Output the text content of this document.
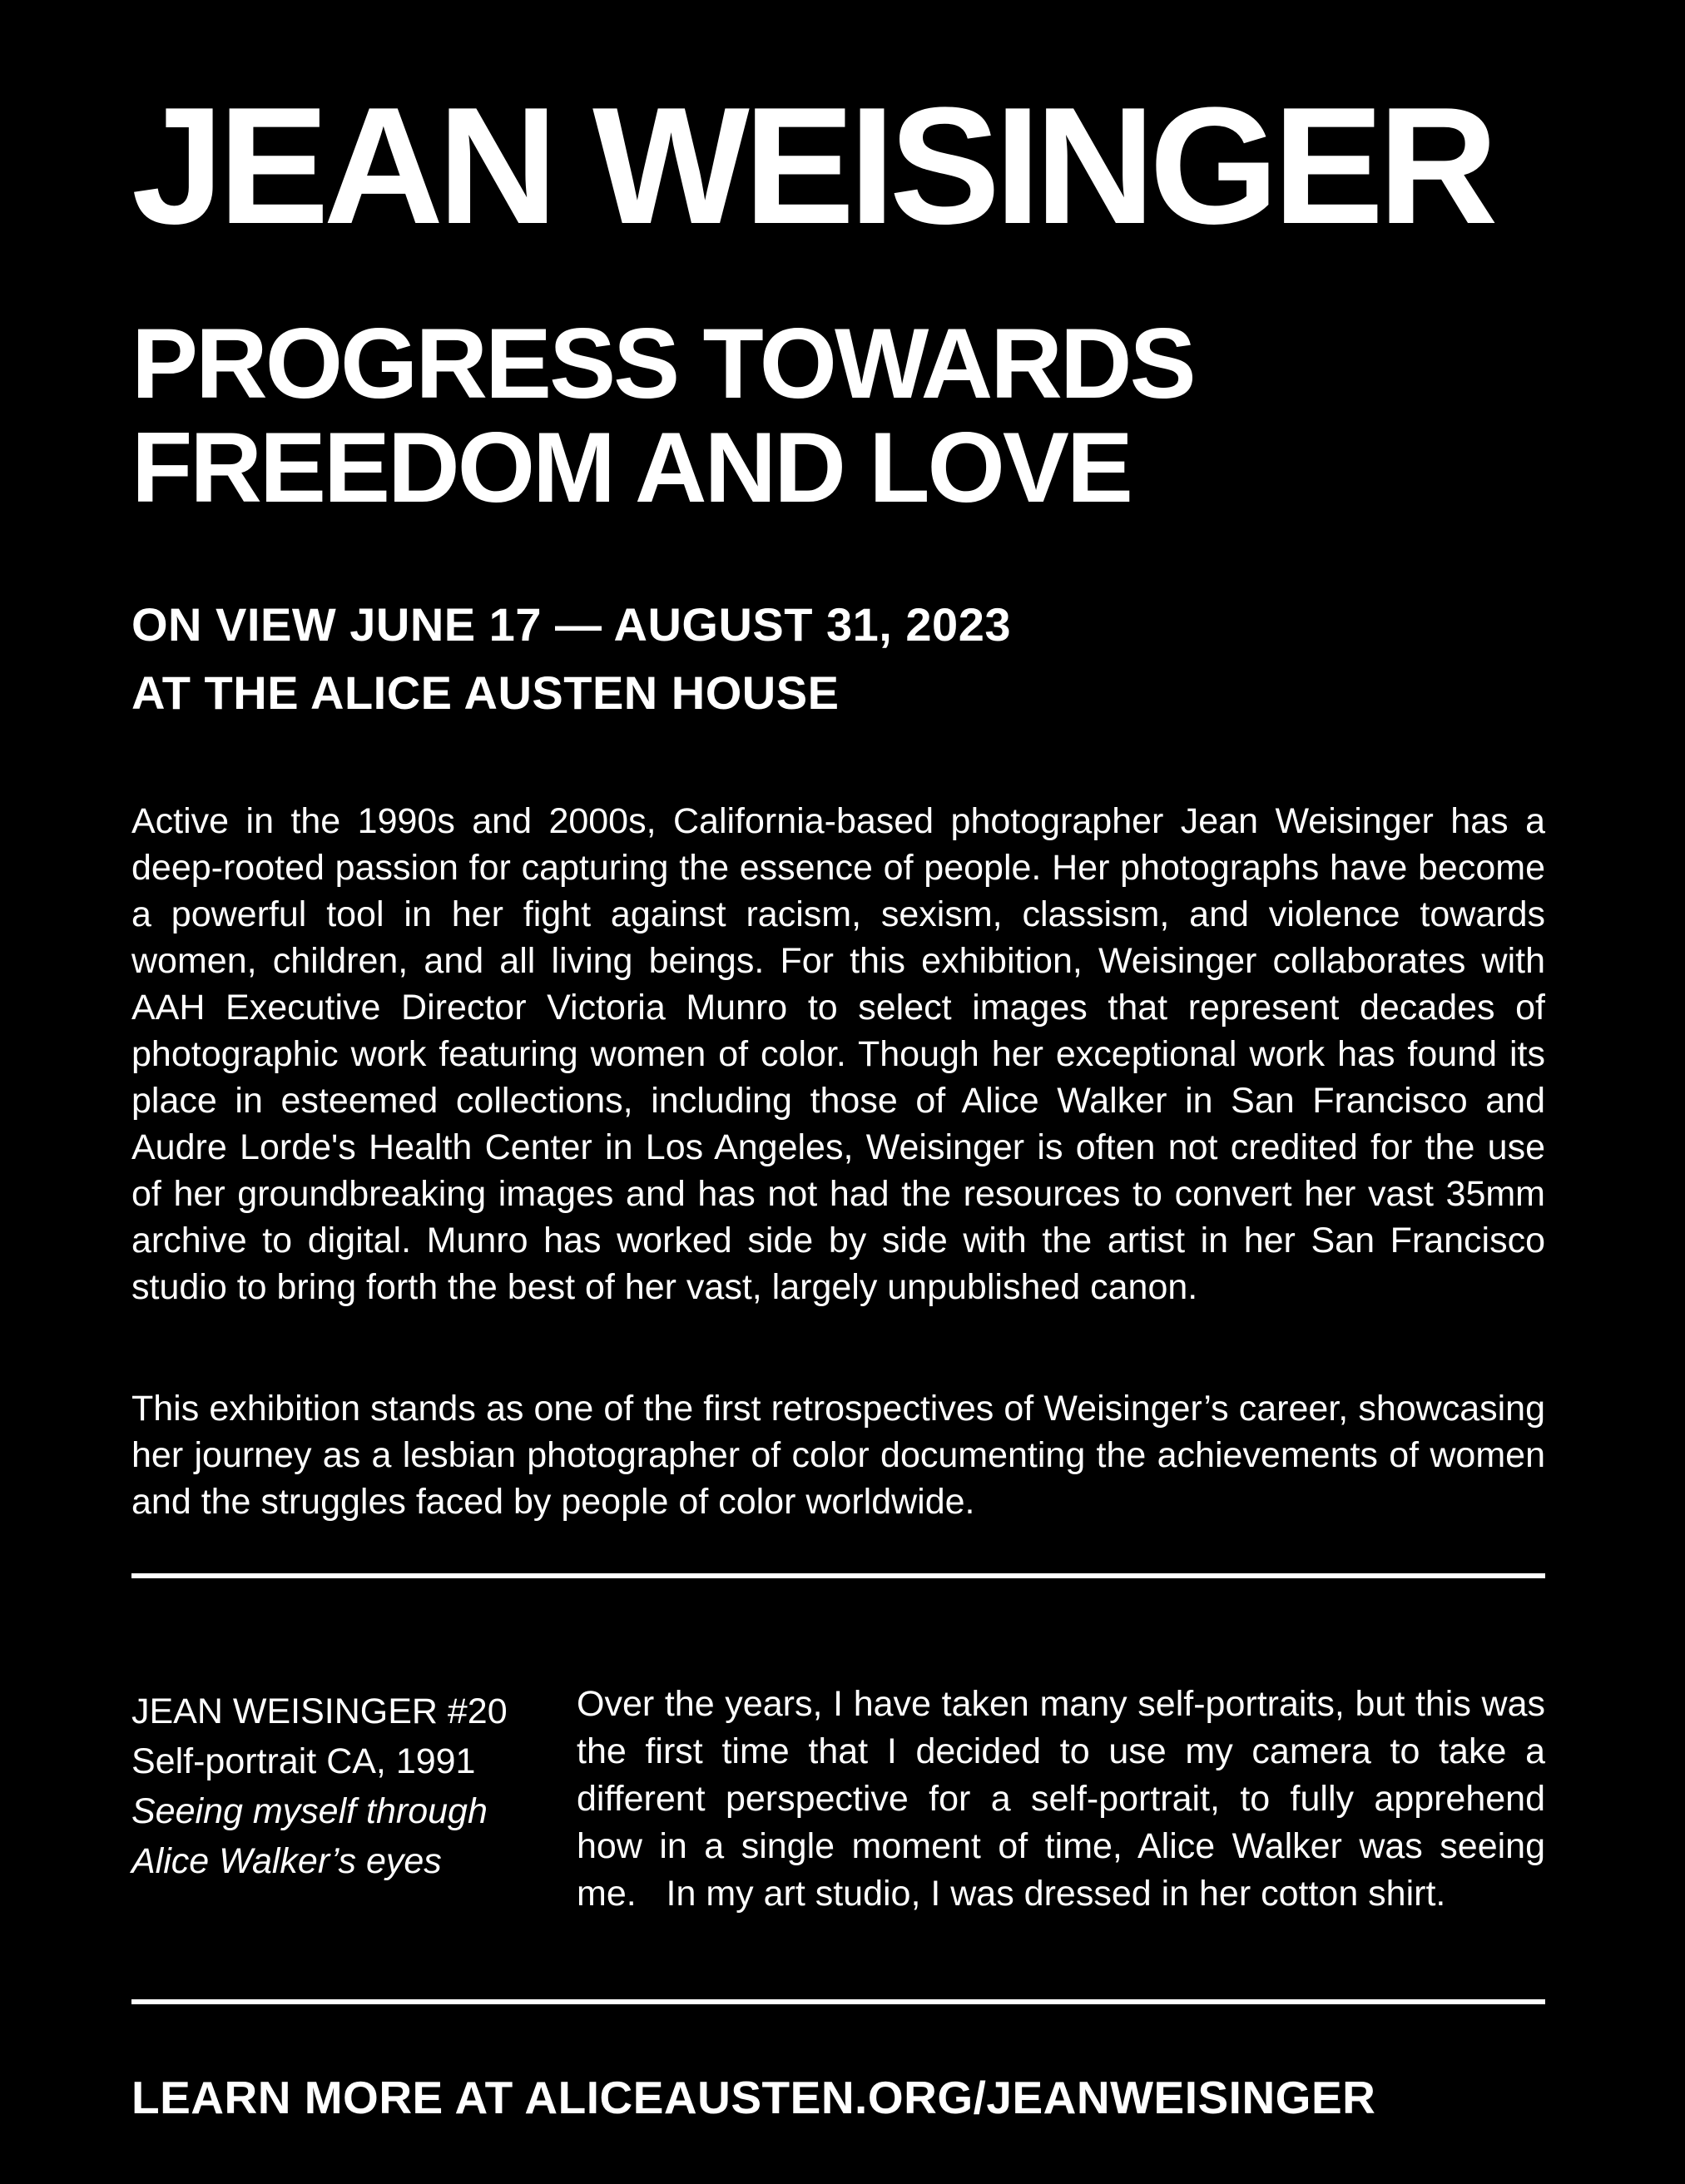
JEAN WEISINGER
PROGRESS TOWARDS
FREEDOM AND LOVE
ON VIEW JUNE 17 — AUGUST 31, 2023
AT THE ALICE AUSTEN HOUSE

Active in the 1990s and 2000s, California-based photographer Jean Weisinger has a deep-rooted passion for capturing the essence of people. Her photographs have become a powerful tool in her fight against racism, sexism, classism, and violence towards women, children, and all living beings. For this exhibition, Weisinger collaborates with AAH Executive Director Victoria Munro to select images that represent decades of photographic work featuring women of color. Though her exceptional work has found its place in esteemed collections, including those of Alice Walker in San Francisco and Audre Lorde's Health Center in Los Angeles, Weisinger is often not credited for the use of her groundbreaking images and has not had the resources to convert her vast 35mm archive to digital. Munro has worked side by side with the artist in her San Francisco studio to bring forth the best of her vast, largely unpublished canon.

This exhibition stands as one of the first retrospectives of Weisinger’s career, showcasing her journey as a lesbian photographer of color documenting the achievements of women and the struggles faced by people of color worldwide.

JEAN WEISINGER #20
Self-portrait CA, 1991
Seeing myself through
Alice Walker’s eyes

Over the years, I have taken many self-portraits, but this was the first time that I decided to use my camera to take a different perspective for a self-portrait, to fully apprehend how in a single moment of time, Alice Walker was seeing me.   In my art studio, I was dressed in her cotton shirt.

LEARN MORE AT ALICEAUSTEN.ORG/JEANWEISINGER
